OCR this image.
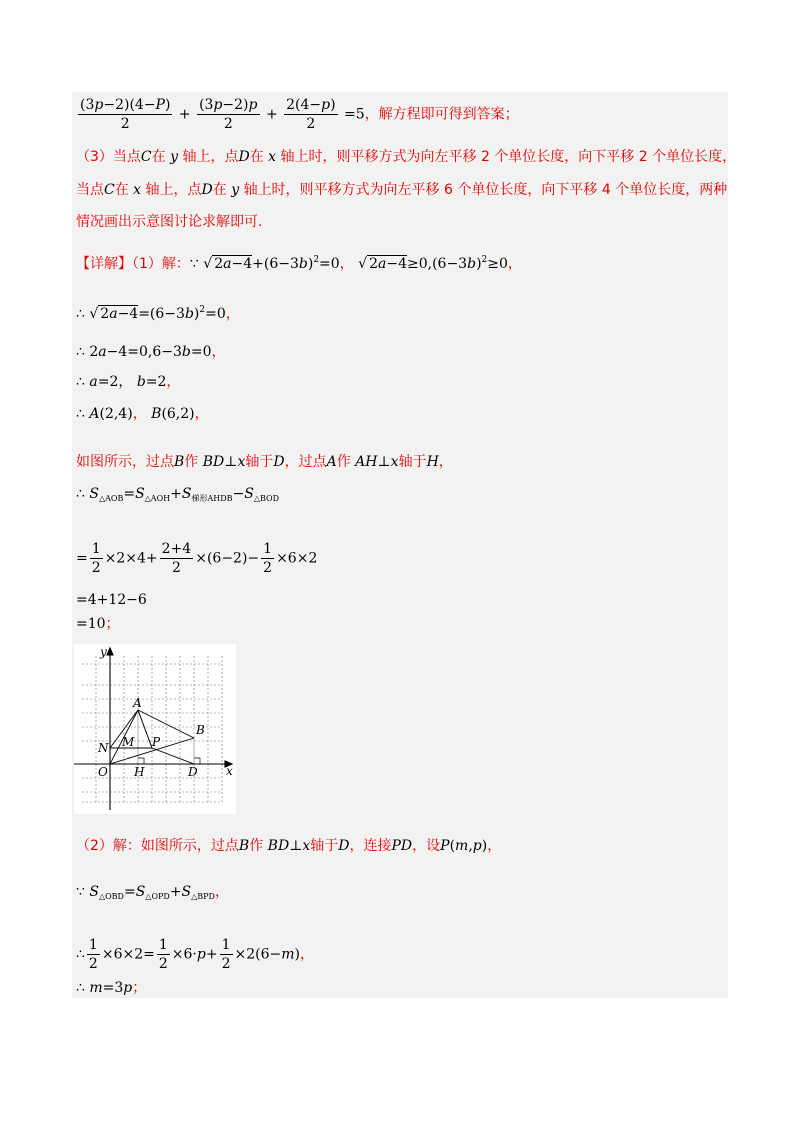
$\frac{(3p-2)(4-P)}{2} + \frac{(3p-2)p}{2} + \frac{2(4-p)}{2} =5$，解方程即可得到答案；
（3）当点C在 y 轴上，点D在 x 轴上时，则平移方式为向左平移 2 个单位长度，向下平移 2 个单位长度，
当点C在 x 轴上，点D在 y 轴上时，则平移方式为向左平移 6 个单位长度，向下平移 4 个单位长度，两种
情况画出示意图讨论求解即可.
【详解】（1）解：∵ √ $2a-4+(6-3b)^2=0$， √ $2a-4\ge 0,(6-3b)^2\ge 0$，
∴ √ $2a-4=(6-3b)^2=0$，
∴ 2a−4=0,6−3b=0，
∴ a=2， b=2，
∴ A(2,4)， B(6,2)，
如图所示，过点B作 BD⊥x轴于D，过点A作 AH⊥x轴于H，
∴ $S_{\triangle AOB}=S_{\triangle AOH}+S_{梯形AHDB}-S_{\triangle BOD}$
= $\frac{1}{2} \times 2\times 4+ \frac{2+4}{2} \times(6-2)- \frac{1}{2} \times 6\times 2$
=4+12−6
=10；
y
x
A
B
M P
N
O H	D
（2）解：如图所示，过点B作 BD⊥x轴于D，连接PD，设P(m,p)，
∵ $S_{\triangle OBD}=S_{\triangle OPD}+S_{\triangle BPD}$，
∴ $\frac{1}{2} \times 6\times 2= \frac{1}{2} \times 6\cdot p+ \frac{1}{2} \times 2(6-m)$，
∴ m=3p；
